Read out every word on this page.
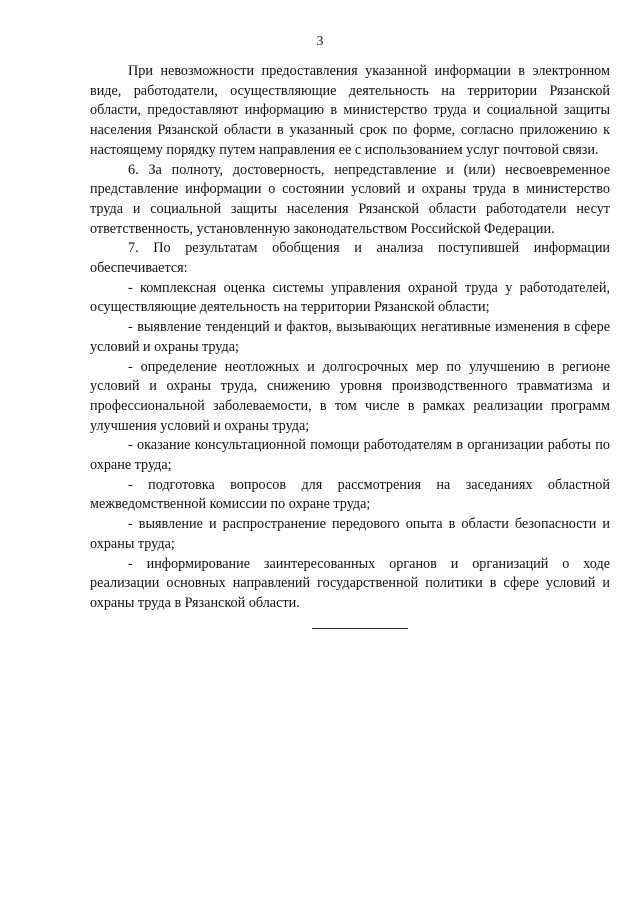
3

При невозможности предоставления указанной информации в электронном виде, работодатели, осуществляющие деятельность на территории Рязанской области, предоставляют информацию в министерство труда и социальной защиты населения Рязанской области в указанный срок по форме, согласно приложению к настоящему порядку путем направления ее с использованием услуг почтовой связи.

6. За полноту, достоверность, непредставление и (или) несвоевременное представление информации о состоянии условий и охраны труда в министерство труда и социальной защиты населения Рязанской области работодатели несут ответственность, установленную законодательством Российской Федерации.

7. По результатам обобщения и анализа поступившей информации обеспечивается:

- комплексная оценка системы управления охраной труда у работодателей, осуществляющие деятельность на территории Рязанской области;

- выявление тенденций и фактов, вызывающих негативные изменения в сфере условий и охраны труда;

- определение неотложных и долгосрочных мер по улучшению в регионе условий и охраны труда, снижению уровня производственного травматизма и профессиональной заболеваемости, в том числе в рамках реализации программ улучшения условий и охраны труда;

- оказание консультационной помощи работодателям в организации работы по охране труда;

- подготовка вопросов для рассмотрения на заседаниях областной межведомственной комиссии по охране труда;

- выявление и распространение передового опыта в области безопасности и охраны труда;

- информирование заинтересованных органов и организаций о ходе реализации основных направлений государственной политики в сфере условий и охраны труда в Рязанской области.
